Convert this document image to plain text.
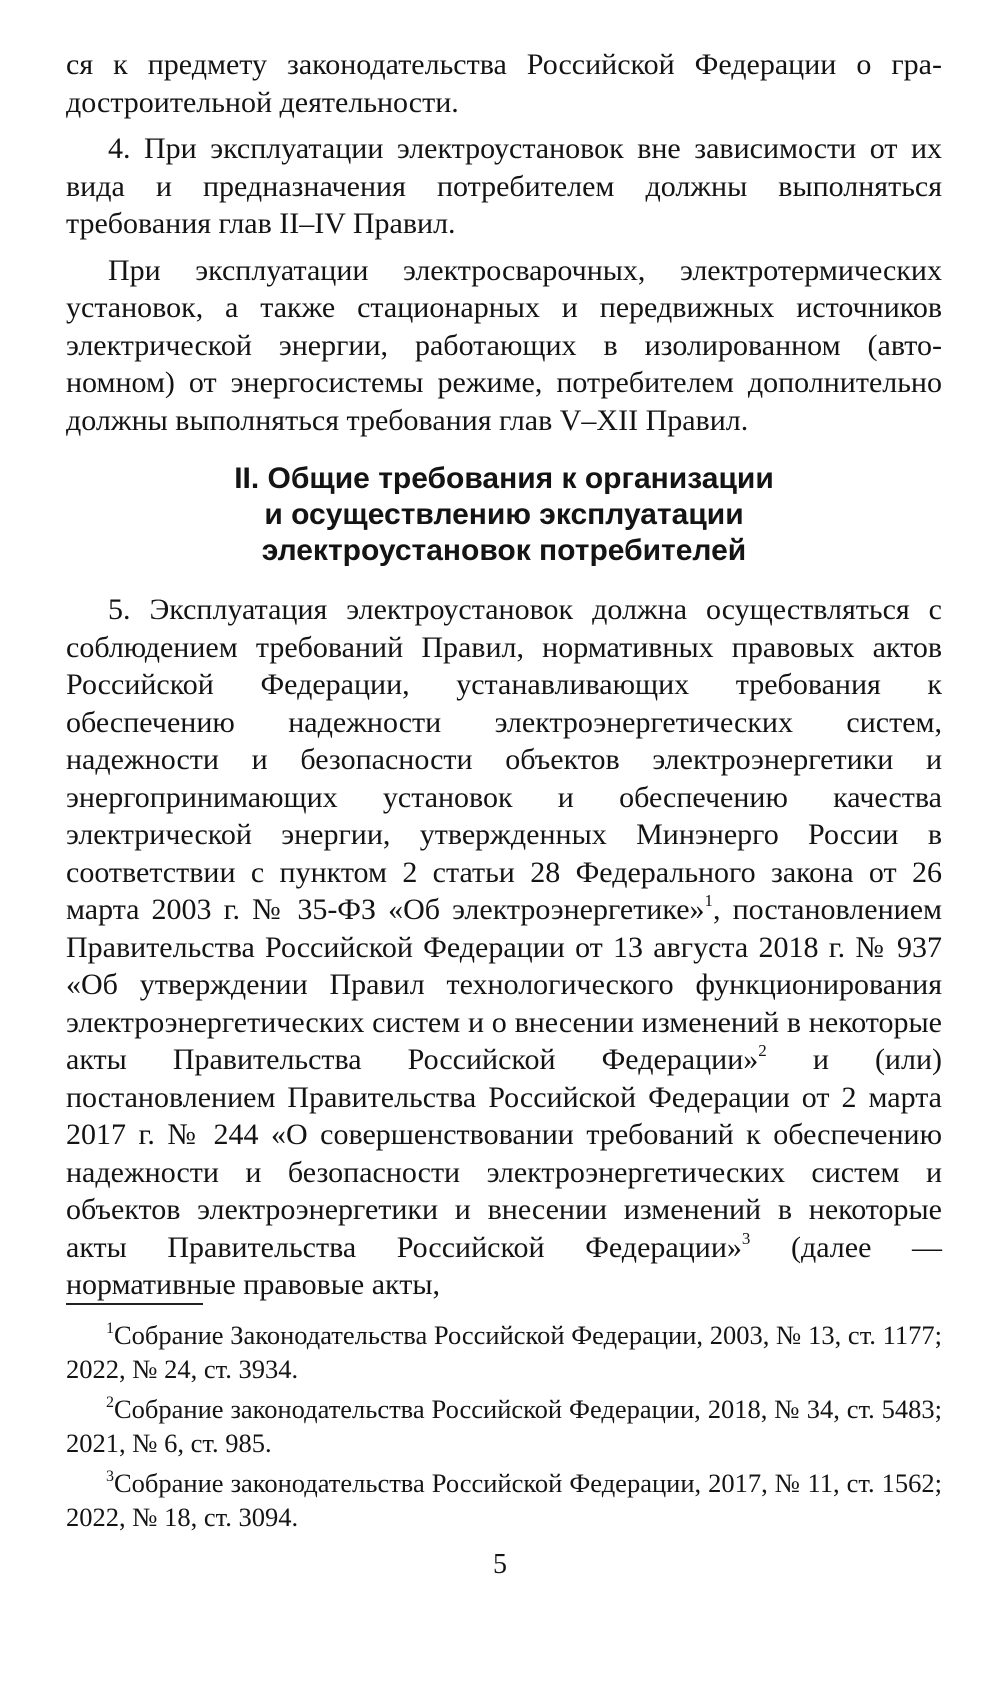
ся к предмету законодательства Российской Федерации о градостроительной деятельности.

4. При эксплуатации электроустановок вне зависимости от их вида и предназначения потребителем должны выполняться требования глав II–IV Правил.

При эксплуатации электросварочных, электротермических установок, а также стационарных и передвижных источников электрической энергии, работающих в изолированном (автономном) от энергосистемы режиме, потребителем дополнительно должны выполняться требования глав V–XII Правил.

II. Общие требования к организации
и осуществлению эксплуатации
электроустановок потребителей

5. Эксплуатация электроустановок должна осуществляться с соблюдением требований Правил, нормативных правовых актов Российской Федерации, устанавливающих требования к обеспечению надежности электроэнергетических систем, надежности и безопасности объектов электроэнергетики и энергопринимающих установок и обеспечению качества электрической энергии, утвержденных Минэнерго России в соответствии с пунктом 2 статьи 28 Федерального закона от 26 марта 2003 г. № 35-ФЗ «Об электроэнергетике»$^1$, постановлением Правительства Российской Федерации от 13 августа 2018 г. № 937 «Об утверждении Правил технологического функционирования электроэнергетических систем и о внесении изменений в некоторые акты Правительства Российской Федерации»$^2$ и (или) постановлением Правительства Российской Федерации от 2 марта 2017 г. № 244 «О совершенствовании требований к обеспечению надежности и безопасности электроэнергетических систем и объектов электроэнергетики и внесении изменений в некоторые акты Правительства Российской Федерации»$^3$ (далее — нормативные правовые акты,

$^1$Собрание Законодательства Российской Федерации, 2003, № 13, ст. 1177; 2022, № 24, ст. 3934.

$^2$Собрание законодательства Российской Федерации, 2018, № 34, ст. 5483; 2021, № 6, ст. 985.

$^3$Собрание законодательства Российской Федерации, 2017, № 11, ст. 1562; 2022, № 18, ст. 3094.

5
